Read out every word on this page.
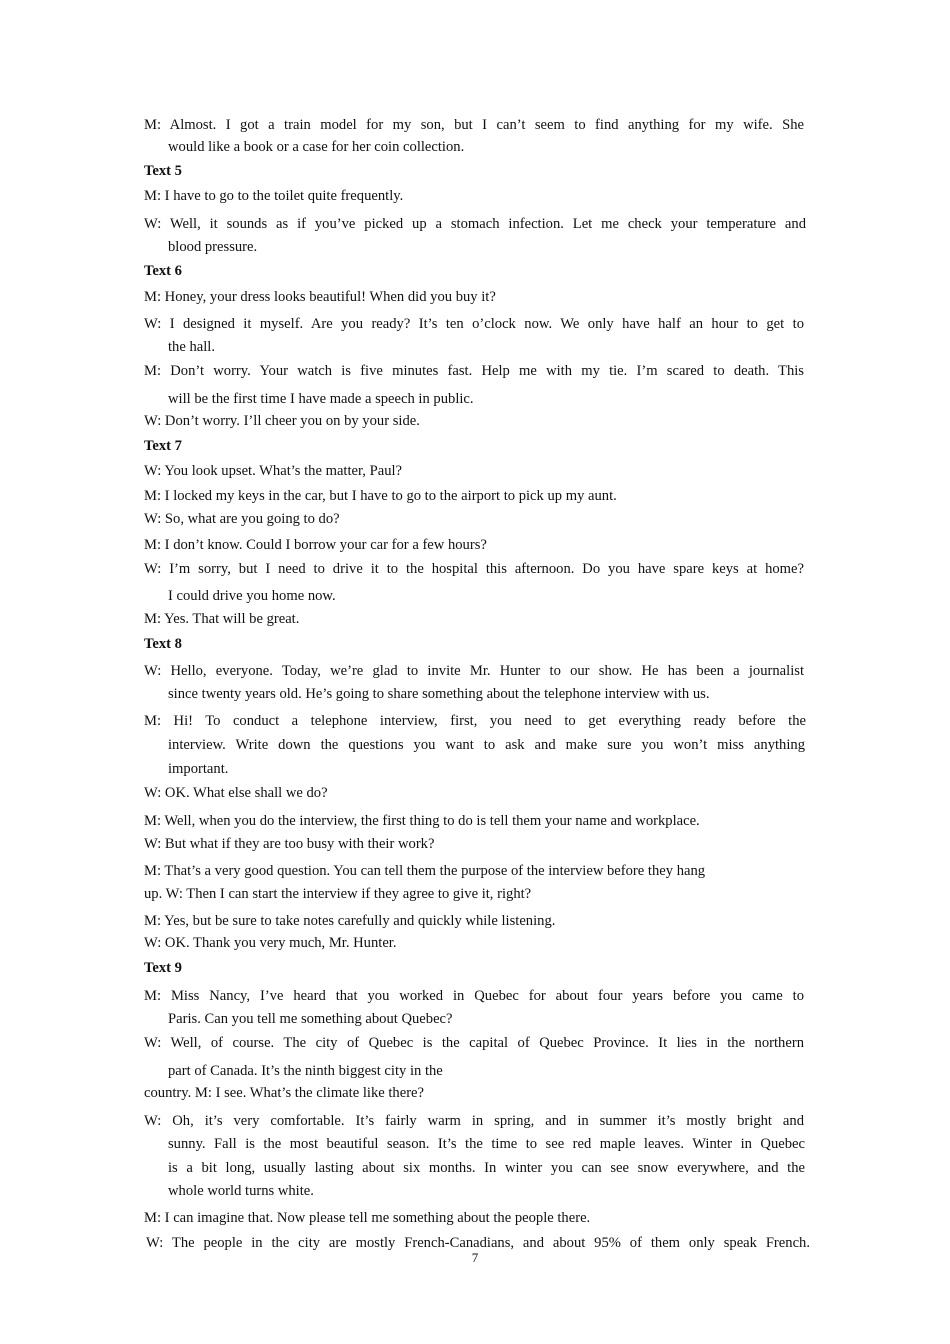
M: Almost. I got a train model for my son, but I can’t seem to find anything for my wife. She
would like a book or a case for her coin collection.
Text 5
M: I have to go to the toilet quite frequently.
W: Well, it sounds as if you’ve picked up a stomach infection. Let me check your temperature and
blood pressure.
Text 6
M: Honey, your dress looks beautiful! When did you buy it?
W: I designed it myself. Are you ready? It’s ten o’clock now. We only have half an hour to get to
the hall.
M: Don’t worry. Your watch is five minutes fast. Help me with my tie. I’m scared to death. This
will be the first time I have made a speech in public.
W: Don’t worry. I’ll cheer you on by your side.
Text 7
W: You look upset. What’s the matter, Paul?
M: I locked my keys in the car, but I have to go to the airport to pick up my aunt.
W: So, what are you going to do?
M: I don’t know. Could I borrow your car for a few hours?
W: I’m sorry, but I need to drive it to the hospital this afternoon. Do you have spare keys at home?
I could drive you home now.
M: Yes. That will be great.
Text 8
W: Hello, everyone. Today, we’re glad to invite Mr. Hunter to our show. He has been a journalist
since twenty years old. He’s going to share something about the telephone interview with us.
M: Hi! To conduct a telephone interview, first, you need to get everything ready before the
interview. Write down the questions you want to ask and make sure you won’t miss anything
important.
W: OK. What else shall we do?
M: Well, when you do the interview, the first thing to do is tell them your name and workplace.
W: But what if they are too busy with their work?
M: That’s a very good question. You can tell them the purpose of the interview before they hang
up. W: Then I can start the interview if they agree to give it, right?
M: Yes, but be sure to take notes carefully and quickly while listening.
W: OK. Thank you very much, Mr. Hunter.
Text 9
M: Miss Nancy, I’ve heard that you worked in Quebec for about four years before you came to
Paris. Can you tell me something about Quebec?
W: Well, of course. The city of Quebec is the capital of Quebec Province. It lies in the northern
part of Canada. It’s the ninth biggest city in the
country. M: I see. What’s the climate like there?
W: Oh, it’s very comfortable. It’s fairly warm in spring, and in summer it’s mostly bright and
sunny. Fall is the most beautiful season. It’s the time to see red maple leaves. Winter in Quebec
is a bit long, usually lasting about six months. In winter you can see snow everywhere, and the
whole world turns white.
M: I can imagine that. Now please tell me something about the people there.
W: The people in the city are mostly French-Canadians, and about 95% of them only speak French.
7
